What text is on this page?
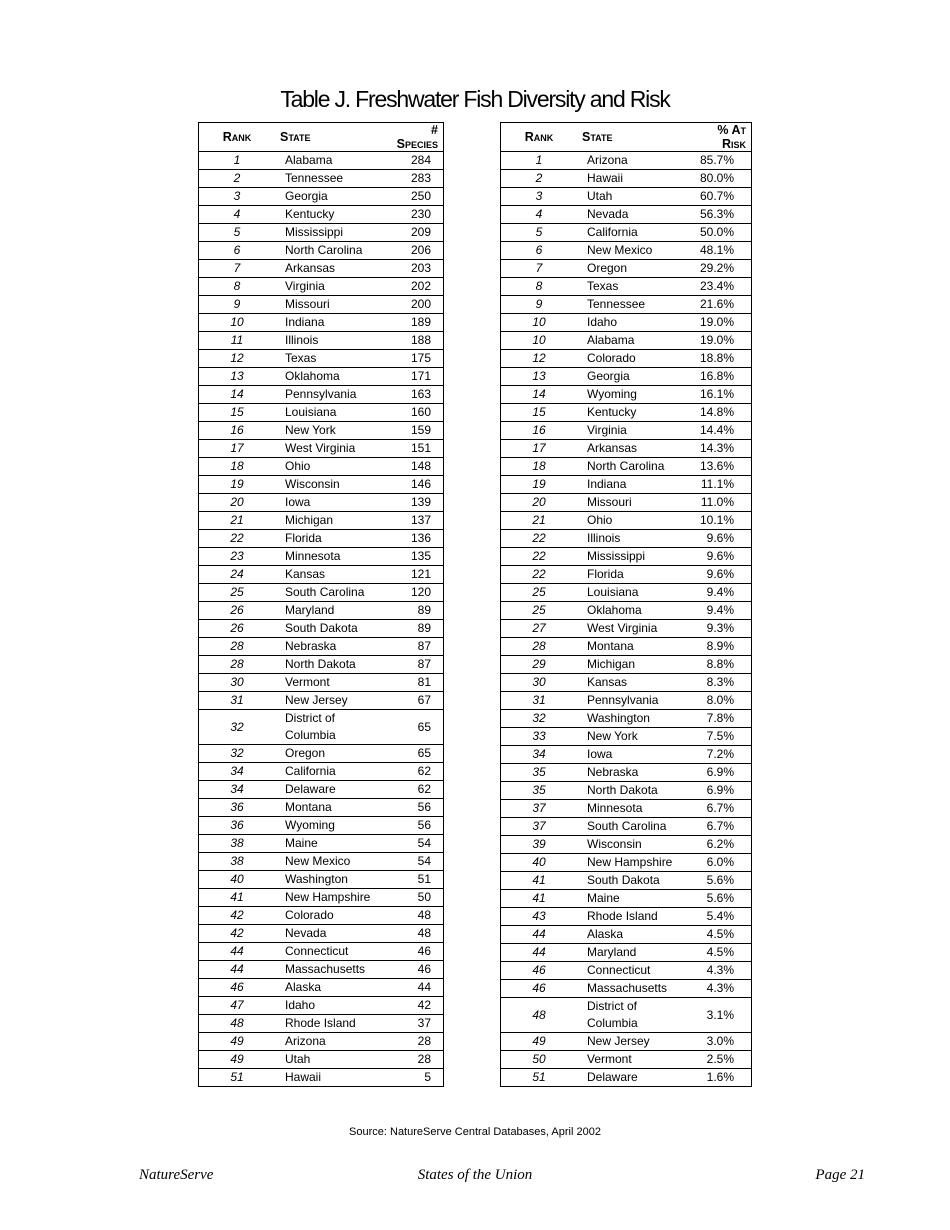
Table J. Freshwater Fish Diversity and Risk
Rank	State	# Species
1	Alabama	284
2	Tennessee	283
3	Georgia	250
4	Kentucky	230
5	Mississippi	209
6	North Carolina	206
7	Arkansas	203
8	Virginia	202
9	Missouri	200
10	Indiana	189
11	Illinois	188
12	Texas	175
13	Oklahoma	171
14	Pennsylvania	163
15	Louisiana	160
16	New York	159
17	West Virginia	151
18	Ohio	148
19	Wisconsin	146
20	Iowa	139
21	Michigan	137
22	Florida	136
23	Minnesota	135
24	Kansas	121
25	South Carolina	120
26	Maryland	89
26	South Dakota	89
28	Nebraska	87
28	North Dakota	87
30	Vermont	81
31	New Jersey	67
32	District of Columbia	65
32	Oregon	65
34	California	62
34	Delaware	62
36	Montana	56
36	Wyoming	56
38	Maine	54
38	New Mexico	54
40	Washington	51
41	New Hampshire	50
42	Colorado	48
42	Nevada	48
44	Connecticut	46
44	Massachusetts	46
46	Alaska	44
47	Idaho	42
48	Rhode Island	37
49	Arizona	28
49	Utah	28
51	Hawaii	5
Rank	State	% At Risk
1	Arizona	85.7%
2	Hawaii	80.0%
3	Utah	60.7%
4	Nevada	56.3%
5	California	50.0%
6	New Mexico	48.1%
7	Oregon	29.2%
8	Texas	23.4%
9	Tennessee	21.6%
10	Idaho	19.0%
10	Alabama	19.0%
12	Colorado	18.8%
13	Georgia	16.8%
14	Wyoming	16.1%
15	Kentucky	14.8%
16	Virginia	14.4%
17	Arkansas	14.3%
18	North Carolina	13.6%
19	Indiana	11.1%
20	Missouri	11.0%
21	Ohio	10.1%
22	Illinois	9.6%
22	Mississippi	9.6%
22	Florida	9.6%
25	Louisiana	9.4%
25	Oklahoma	9.4%
27	West Virginia	9.3%
28	Montana	8.9%
29	Michigan	8.8%
30	Kansas	8.3%
31	Pennsylvania	8.0%
32	Washington	7.8%
33	New York	7.5%
34	Iowa	7.2%
35	Nebraska	6.9%
35	North Dakota	6.9%
37	Minnesota	6.7%
37	South Carolina	6.7%
39	Wisconsin	6.2%
40	New Hampshire	6.0%
41	South Dakota	5.6%
41	Maine	5.6%
43	Rhode Island	5.4%
44	Alaska	4.5%
44	Maryland	4.5%
46	Connecticut	4.3%
46	Massachusetts	4.3%
48	District of Columbia	3.1%
49	New Jersey	3.0%
50	Vermont	2.5%
51	Delaware	1.6%
Source: NatureServe Central Databases, April 2002
NatureServe	States of the Union	Page 21
